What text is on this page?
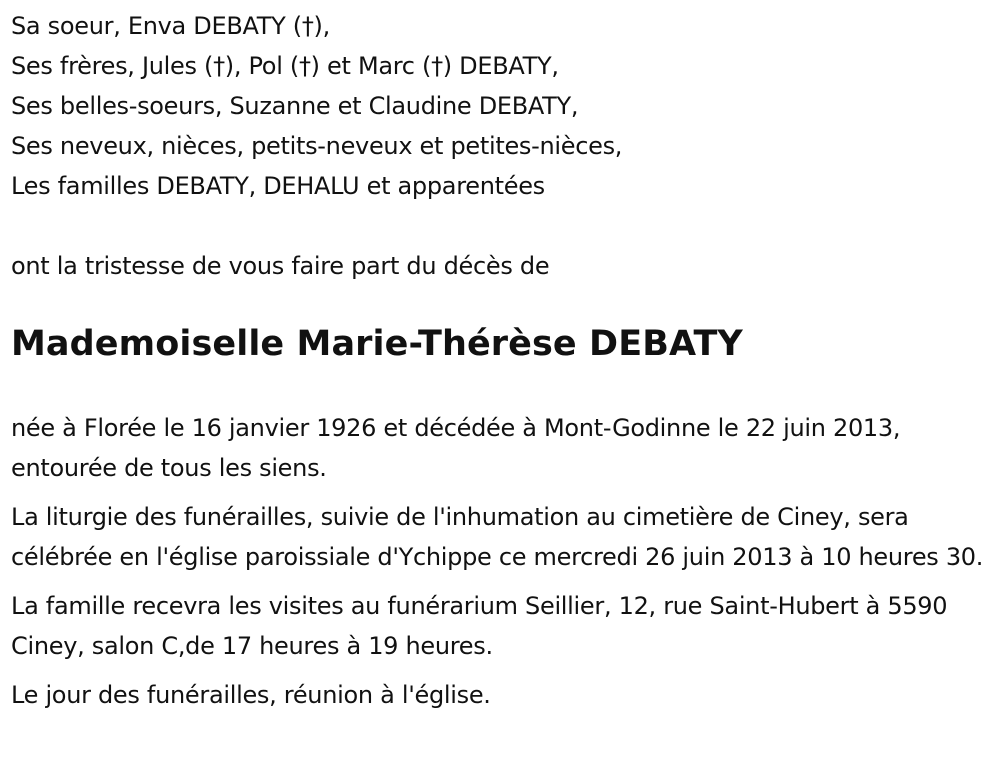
Sa soeur, Enva DEBATY (†),
Ses frères, Jules (†), Pol (†) et Marc (†) DEBATY,
Ses belles-soeurs, Suzanne et Claudine DEBATY,
Ses neveux, nièces, petits-neveux et petites-nièces,
Les familles DEBATY, DEHALU et apparentées
ont la tristesse de vous faire part du décès de
Mademoiselle Marie-Thérèse DEBATY

née à Florée le 16 janvier 1926 et décédée à Mont-Godinne le 22 juin 2013, entourée de tous les siens.

La liturgie des funérailles, suivie de l'inhumation au cimetière de Ciney, sera célébrée en l'église paroissiale d'Ychippe ce mercredi 26 juin 2013 à 10 heures 30.

La famille recevra les visites au funérarium Seillier, 12, rue Saint-Hubert à 5590 Ciney, salon C,de 17 heures à 19 heures.

Le jour des funérailles, réunion à l'église.
